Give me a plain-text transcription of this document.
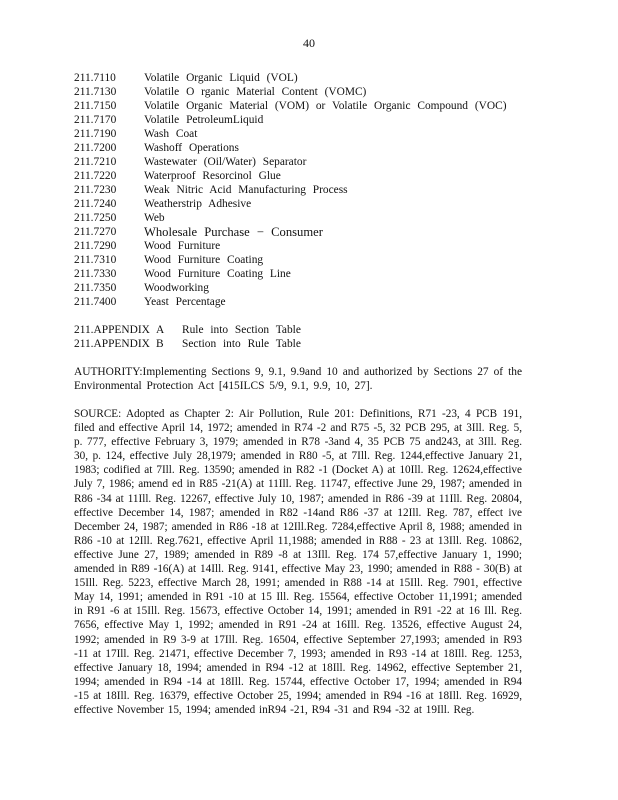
40
211.7110	Volatile Organic Liquid (VOL)
211.7130	Volatile O rganic Material Content (VOMC)
211.7150	Volatile Organic Material (VOM) or Volatile Organic Compound (VOC)
211.7170	Volatile PetroleumLiquid
211.7190	Wash Coat
211.7200	Washoff Operations
211.7210	Wastewater (Oil/Water) Separator
211.7220	Waterproof Resorcinol Glue
211.7230	Weak Nitric Acid Manufacturing Process
211.7240	Weatherstrip Adhesive
211.7250	Web
211.7270	Wholesale Purchase − Consumer
211.7290	Wood Furniture
211.7310	Wood Furniture Coating
211.7330	Wood Furniture Coating Line
211.7350	Woodworking
211.7400	Yeast Percentage
211.APPENDIX A	Rule into Section Table
211.APPENDIX B	Section into Rule Table
AUTHORITY:Implementing Sections 9, 9.1, 9.9and 10 and authorized by Sections 27 of the Environmental Protection Act [415ILCS 5/9, 9.1, 9.9, 10, 27].
SOURCE: Adopted as Chapter 2: Air Pollution, Rule 201: Definitions, R71 -23, 4 PCB 191, filed and effective April 14, 1972; amended in R74 -2 and R75 -5, 32 PCB 295, at 3Ill. Reg. 5, p. 777, effective February 3, 1979; amended in R78 -3and 4, 35 PCB 75 and243, at 3Ill. Reg. 30, p. 124, effective July 28,1979; amended in R80 -5, at 7Ill. Reg. 1244,effective January 21, 1983; codified at 7Ill. Reg. 13590; amended in R82 -1 (Docket A) at 10Ill. Reg. 12624,effective July 7, 1986; amend ed in R85 -21(A) at 11Ill. Reg. 11747, effective June 29, 1987; amended in R86 -34 at 11Ill. Reg. 12267, effective July 10, 1987; amended in R86 -39 at 11Ill. Reg. 20804, effective December 14, 1987; amended in R82 -14and R86 -37 at 12Ill. Reg. 787, effect ive December 24, 1987; amended in R86 -18 at 12Ill.Reg. 7284,effective April 8, 1988; amended in R86 -10 at 12Ill. Reg.7621, effective April 11,1988; amended in R88 - 23 at 13Ill. Reg. 10862, effective June 27, 1989; amended in R89 -8 at 13Ill. Reg. 174 57,effective January 1, 1990; amended in R89 -16(A) at 14Ill. Reg. 9141, effective May 23, 1990; amended in R88 - 30(B) at 15Ill. Reg. 5223, effective March 28, 1991; amended in R88 -14 at 15Ill. Reg. 7901, effective May 14, 1991; amended in R91 -10 at 15 Ill. Reg. 15564, effective October 11,1991; amended in R91 -6 at 15Ill. Reg. 15673, effective October 14, 1991; amended in R91 -22 at 16 Ill. Reg. 7656, effective May 1, 1992; amended in R91 -24 at 16Ill. Reg. 13526, effective August 24, 1992; amended in R9 3-9 at 17Ill. Reg. 16504, effective September 27,1993; amended in R93 -11 at 17Ill. Reg. 21471, effective December 7, 1993; amended in R93 -14 at 18Ill. Reg. 1253, effective January 18, 1994; amended in R94 -12 at 18Ill. Reg. 14962, effective September 21, 1994; amended in R94 -14 at 18Ill. Reg. 15744, effective October 17, 1994; amended in R94 -15 at 18Ill. Reg. 16379, effective October 25, 1994; amended in R94 -16 at 18Ill. Reg. 16929, effective November 15, 1994; amended inR94 -21, R94 -31 and R94 -32 at 19Ill. Reg.
